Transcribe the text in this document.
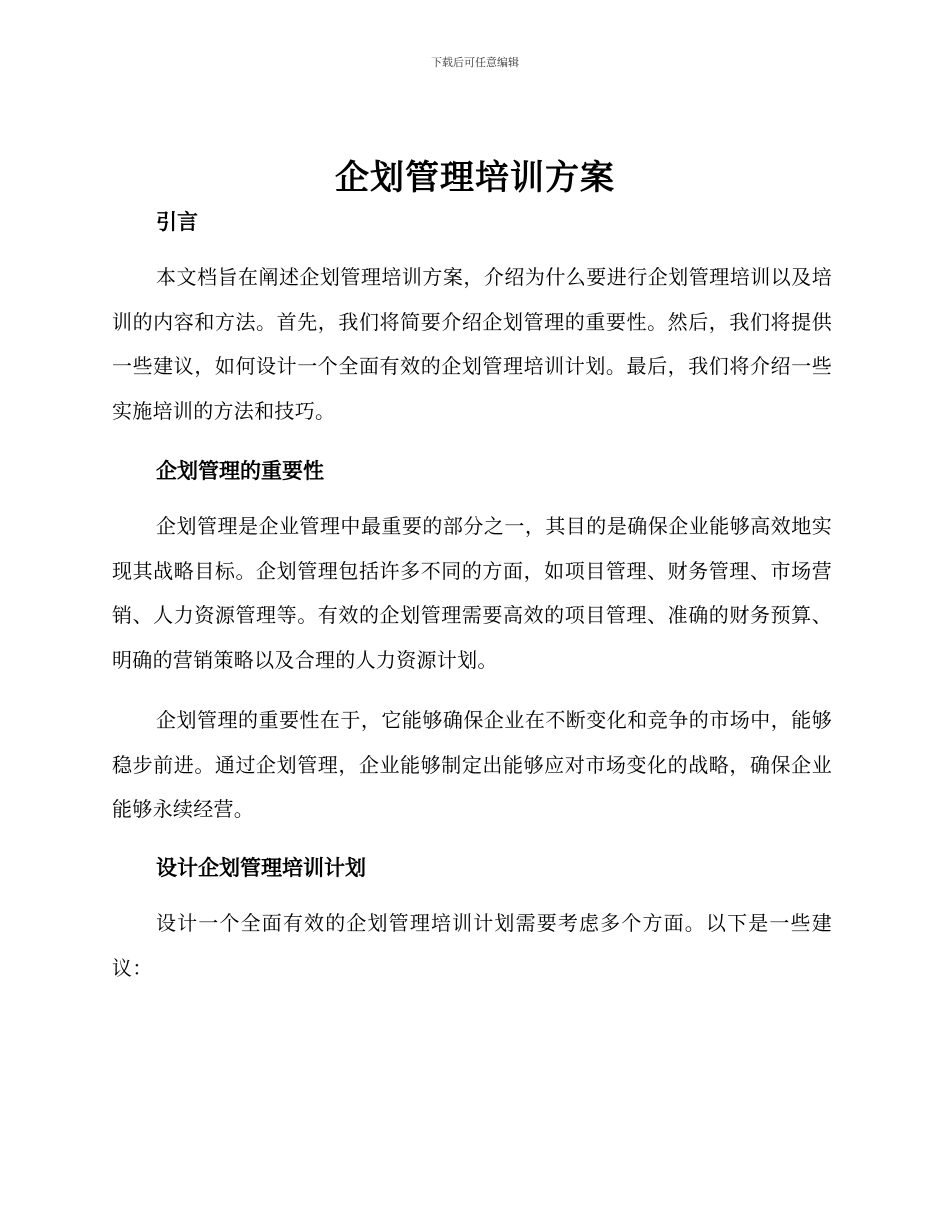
下载后可任意编辑
企划管理培训方案
引言

本文档旨在阐述企划管理培训方案，介绍为什么要进行企划管理培训以及培训的内容和方法。首先，我们将简要介绍企划管理的重要性。然后，我们将提供一些建议，如何设计一个全面有效的企划管理培训计划。最后，我们将介绍一些实施培训的方法和技巧。

企划管理的重要性

企划管理是企业管理中最重要的部分之一，其目的是确保企业能够高效地实现其战略目标。企划管理包括许多不同的方面，如项目管理、财务管理、市场营销、人力资源管理等。有效的企划管理需要高效的项目管理、准确的财务预算、明确的营销策略以及合理的人力资源计划。

企划管理的重要性在于，它能够确保企业在不断变化和竞争的市场中，能够稳步前进。通过企划管理，企业能够制定出能够应对市场变化的战略，确保企业能够永续经营。

设计企划管理培训计划

设计一个全面有效的企划管理培训计划需要考虑多个方面。以下是一些建议：
